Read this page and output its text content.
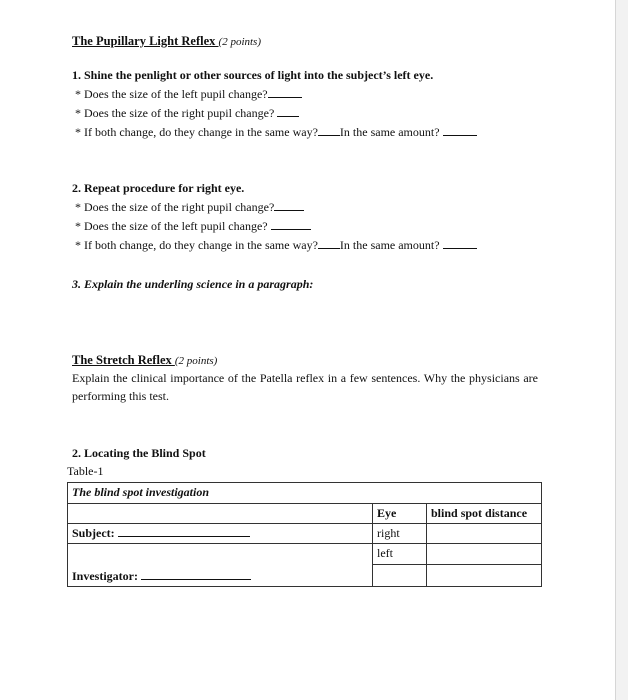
The Pupillary Light Reflex (2 points)
1. Shine the penlight or other sources of light into the subject’s left eye.
* Does the size of the left pupil change?
* Does the size of the right pupil change?
* If both change, do they change in the same way? In the same amount?
2. Repeat procedure for right eye.
* Does the size of the right pupil change?
* Does the size of the left pupil change?
* If both change, do they change in the same way? In the same amount?
3. Explain the underling science in a paragraph:
The Stretch Reflex (2 points)
Explain the clinical importance of the Patella reflex in a few sentences. Why the physicians are performing this test.
2. Locating the Blind Spot
Table-1
The blind spot investigation		
	Eye	blind spot distance
Subject:	right	
	left	
Investigator:		
